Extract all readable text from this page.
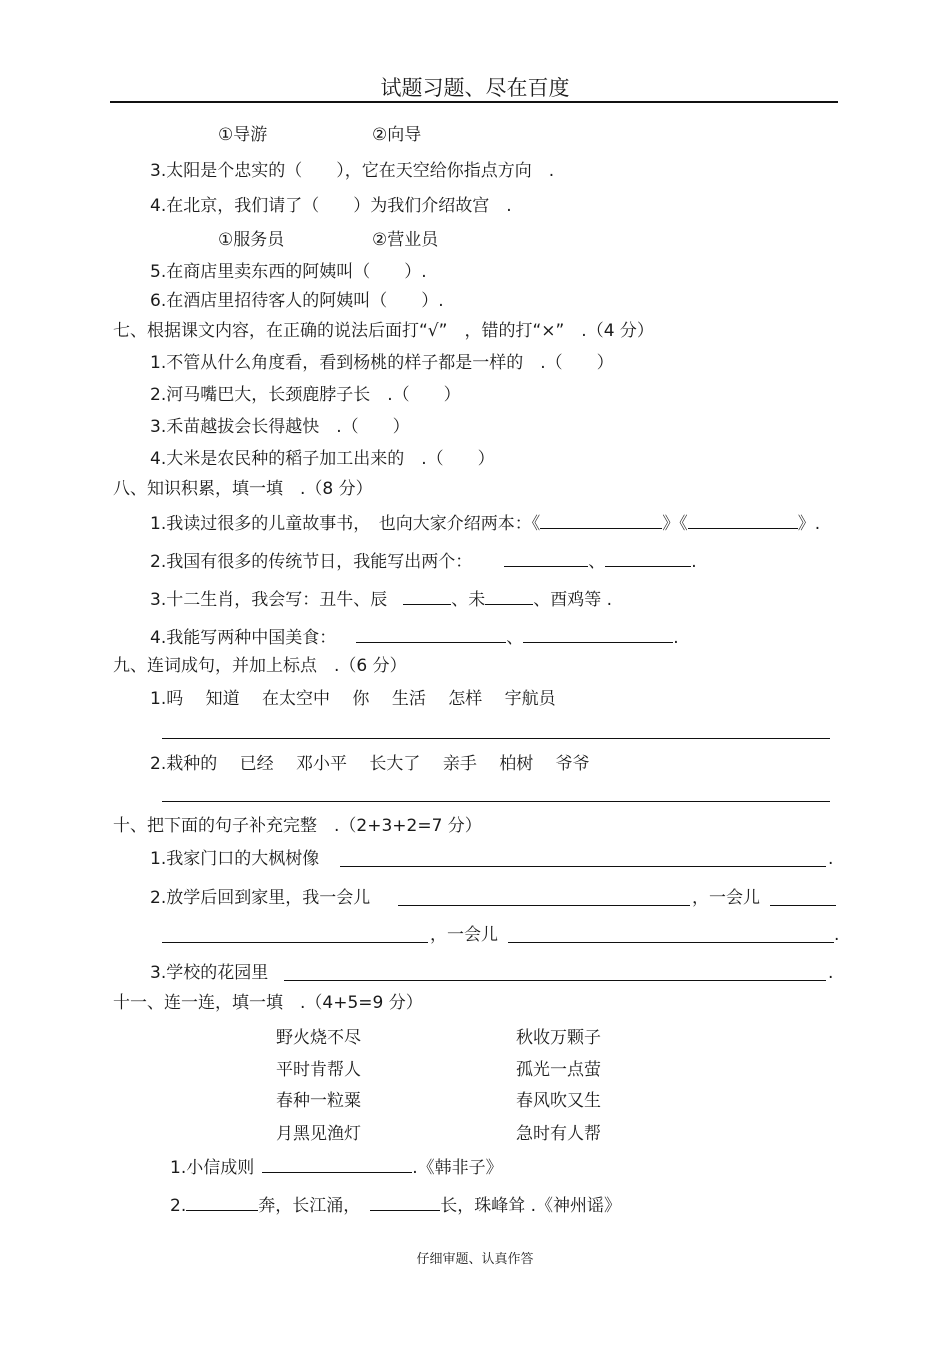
试题习题、尽在百度
①导游	②向导
3.太阳是个忠实的（　　），它在天空给你指点方向　.
4.在北京，我们请了（　　）为我们介绍故宫　.
①服务员	②营业员
5.在商店里卖东西的阿姨叫（　　）.
6.在酒店里招待客人的阿姨叫（　　）.
七、根据课文内容，在正确的说法后面打“√”　，错的打“×”　.（4 分）
1.不管从什么角度看，看到杨桃的样子都是一样的　.（　　）
2.河马嘴巴大，长颈鹿脖子长　.（　　）
3.禾苗越拔会长得越快　.（　　）
4.大米是农民种的稻子加工出来的　.（　　）
八、知识积累，填一填　.（8 分）
1.我读过很多的儿童故事书，　也向大家介绍两本：《	》《	》.
2.我国有很多的传统节日，我能写出两个：	、	.
3.十二生肖，我会写：丑牛、辰	、未	、酉鸡等 .
4.我能写两种中国美食：	、	.
九、连词成句，并加上标点　.（6 分）
1.吗　 知道　 在太空中　 你　 生活　 怎样　 宇航员
2.栽种的　 已经　 邓小平　 长大了　 亲手　 柏树　 爷爷
十、把下面的句子补充完整　.（2+3+2=7 分）
1.我家门口的大枫树像	.
2.放学后回到家里，我一会儿	，一会儿
，一会儿	.
3.学校的花园里	.
十一、连一连，填一填　.（4+5=9 分）
野火烧不尽	秋收万颗子
平时肯帮人	孤光一点萤
春种一粒粟	春风吹又生
月黑见渔灯	急时有人帮
1.小信成则	.《韩非子》
2.	奔，长江涌，	长，珠峰耸 .《神州谣》
仔细审题、认真作答
